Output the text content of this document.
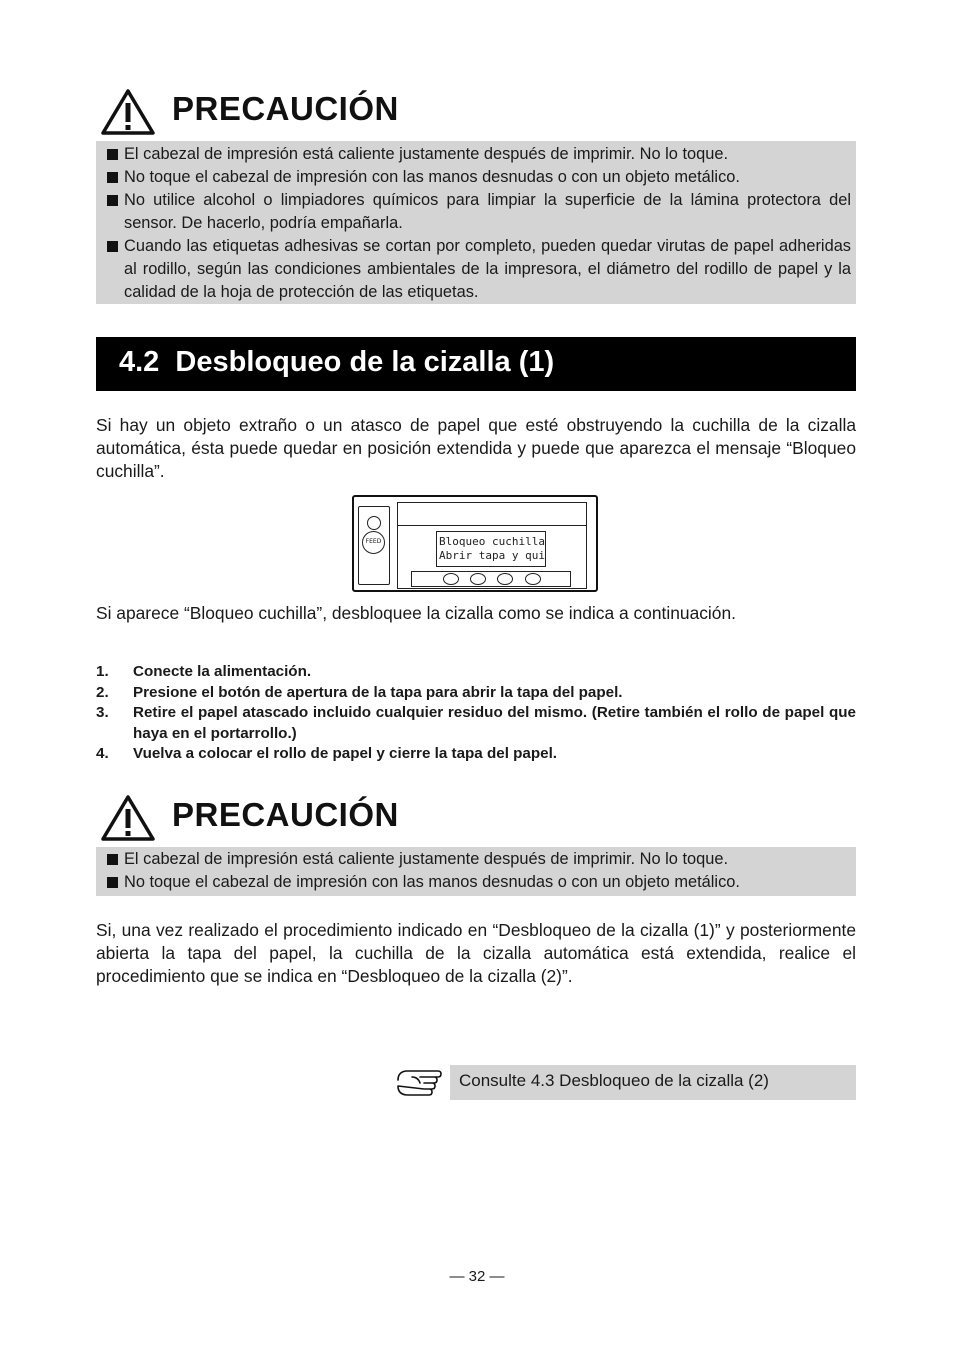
PRECAUCIÓN
El cabezal de impresión está caliente justamente después de imprimir. No lo toque.
No toque el cabezal de impresión con las manos desnudas o con un objeto metálico.
No utilice alcohol o limpiadores químicos para limpiar la superficie de la lámina protectora del sensor. De hacerlo, podría empañarla.
Cuando las etiquetas adhesivas se cortan por completo, pueden quedar virutas de papel adheridas al rodillo, según las condiciones ambientales de la impresora, el diámetro del rodillo de papel y la calidad de la hoja de protección de las etiquetas.
4.2  Desbloqueo de la cizalla (1)
Si hay un objeto extraño o un atasco de papel que esté obstruyendo la cuchilla de la cizalla automática, ésta puede quedar en posición extendida y puede que aparezca el mensaje “Bloqueo cuchilla”.
FEED	Bloqueo cuchilla
Abrir tapa y qui
Si aparece “Bloqueo cuchilla”, desbloquee la cizalla como se indica a continuación.
1. Conecte la alimentación.
2. Presione el botón de apertura de la tapa para abrir la tapa del papel.
3. Retire el papel atascado incluido cualquier residuo del mismo. (Retire también el rollo de papel que haya en el portarrollo.)
4. Vuelva a colocar el rollo de papel y cierre la tapa del papel.
PRECAUCIÓN
El cabezal de impresión está caliente justamente después de imprimir. No lo toque.
No toque el cabezal de impresión con las manos desnudas o con un objeto metálico.
Si, una vez realizado el procedimiento indicado en “Desbloqueo de la cizalla (1)” y posteriormente abierta la tapa del papel, la cuchilla de la cizalla automática está extendida, realice el procedimiento que se indica en “Desbloqueo de la cizalla (2)”.
Consulte 4.3 Desbloqueo de la cizalla (2)
— 32 —
